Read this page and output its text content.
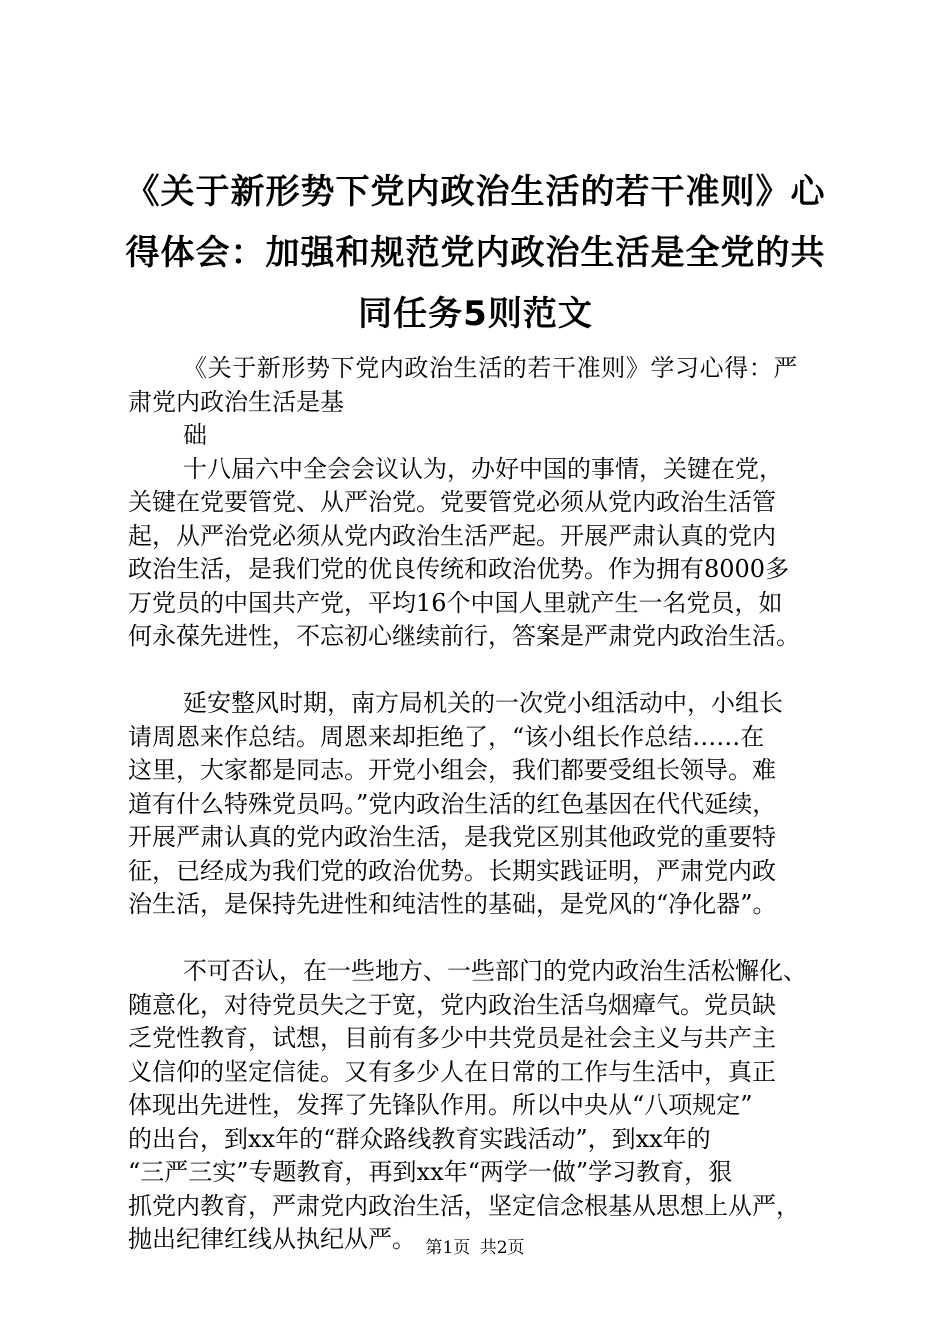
《关于新形势下党内政治生活的若干准则》心
得体会：加强和规范党内政治生活是全党的共
同任务5则范文
《关于新形势下党内政治生活的若干准则》学习心得：严
肃党内政治生活是基
础
十八届六中全会会议认为，办好中国的事情，关键在党，
关键在党要管党、从严治党。党要管党必须从党内政治生活管
起，从严治党必须从党内政治生活严起。开展严肃认真的党内
政治生活，是我们党的优良传统和政治优势。作为拥有8000多
万党员的中国共产党，平均16个中国人里就产生一名党员，如
何永葆先进性，不忘初心继续前行，答案是严肃党内政治生活。
延安整风时期，南方局机关的一次党小组活动中，小组长
请周恩来作总结。周恩来却拒绝了，“该小组长作总结……在
这里，大家都是同志。开党小组会，我们都要受组长领导。难
道有什么特殊党员吗。”党内政治生活的红色基因在代代延续，
开展严肃认真的党内政治生活，是我党区别其他政党的重要特
征，已经成为我们党的政治优势。长期实践证明，严肃党内政
治生活，是保持先进性和纯洁性的基础，是党风的“净化器”。
不可否认，在一些地方、一些部门的党内政治生活松懈化、
随意化，对待党员失之于宽，党内政治生活乌烟瘴气。党员缺
乏党性教育，试想，目前有多少中共党员是社会主义与共产主
义信仰的坚定信徒。又有多少人在日常的工作与生活中，真正
体现出先进性，发挥了先锋队作用。所以中央从“八项规定”
的出台，到xx年的“群众路线教育实践活动”，到xx年的
“三严三实”专题教育，再到xx年“两学一做”学习教育，狠
抓党内教育，严肃党内政治生活，坚定信念根基从思想上从严，
抛出纪律红线从执纪从严。 第1页 共2页
